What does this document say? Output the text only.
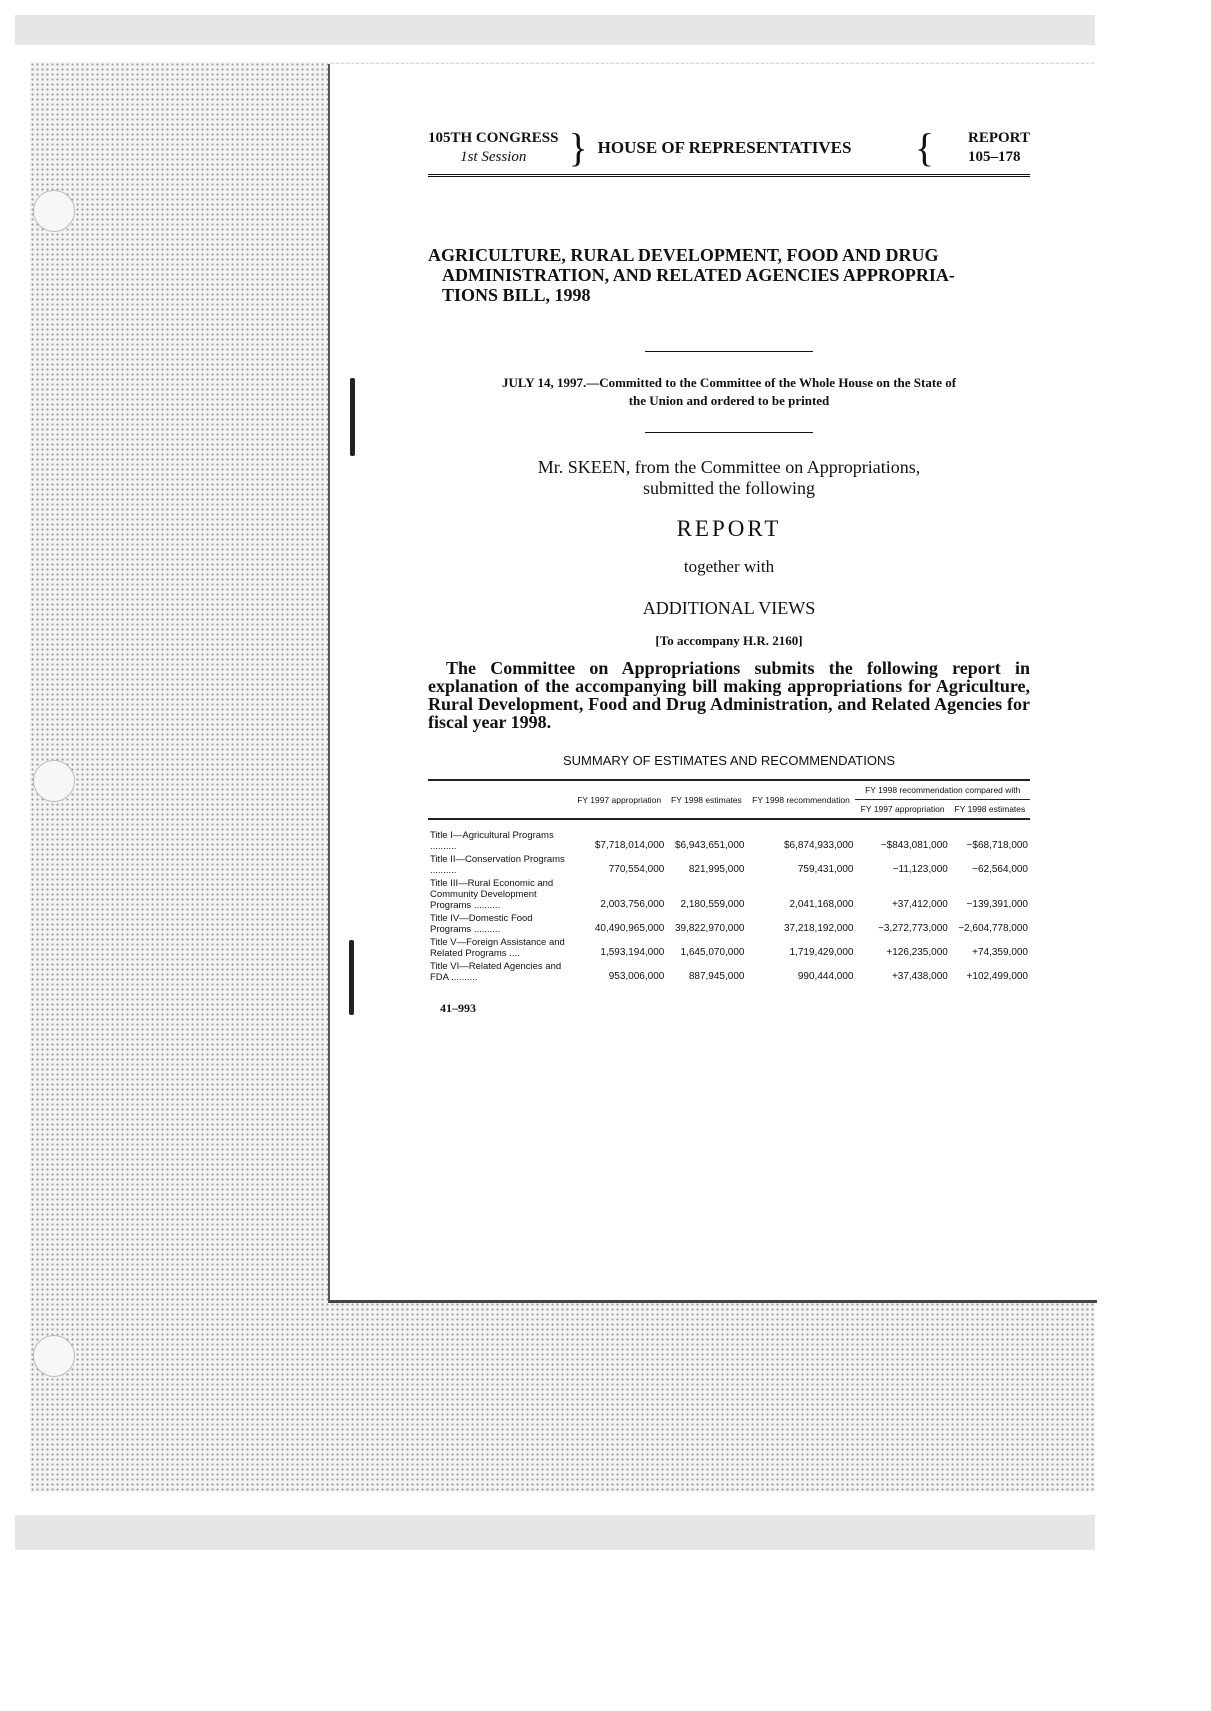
105TH CONGRESS
1st Session	} HOUSE OF REPRESENTATIVES	{ REPORT
105–178
AGRICULTURE, RURAL DEVELOPMENT, FOOD AND DRUG
ADMINISTRATION, AND RELATED AGENCIES APPROPRIA-
TIONS BILL, 1998
JULY 14, 1997.—Committed to the Committee of the Whole House on the State of
the Union and ordered to be printed
Mr. SKEEN, from the Committee on Appropriations,
submitted the following
REPORT
together with
ADDITIONAL VIEWS
[To accompany H.R. 2160]
The Committee on Appropriations submits the following report in explanation of the accompanying bill making appropriations for Agriculture, Rural Development, Food and Drug Administration, and Related Agencies for fiscal year 1998.
SUMMARY OF ESTIMATES AND RECOMMENDATIONS
	FY 1997 appropriation	FY 1998 estimates	FY 1998 recommendation	FY 1998 recommendation compared with	
				FY 1997 appropriation	FY 1998 estimates
Title I—Agricultural Programs ..........	$7,718,014,000	$6,943,651,000	$6,874,933,000	−$843,081,000	−$68,718,000
Title II—Conservation Programs ..........	770,554,000	821,995,000	759,431,000	−11,123,000	−62,564,000
Title III—Rural Economic and Community Development Programs ..........	2,003,756,000	2,180,559,000	2,041,168,000	+37,412,000	−139,391,000
Title IV—Domestic Food Programs ..........	40,490,965,000	39,822,970,000	37,218,192,000	−3,272,773,000	−2,604,778,000
Title V—Foreign Assistance and Related Programs ....	1,593,194,000	1,645,070,000	1,719,429,000	+126,235,000	+74,359,000
Title VI—Related Agencies and FDA ..........	953,006,000	887,945,000	990,444,000	+37,438,000	+102,499,000
41–993
